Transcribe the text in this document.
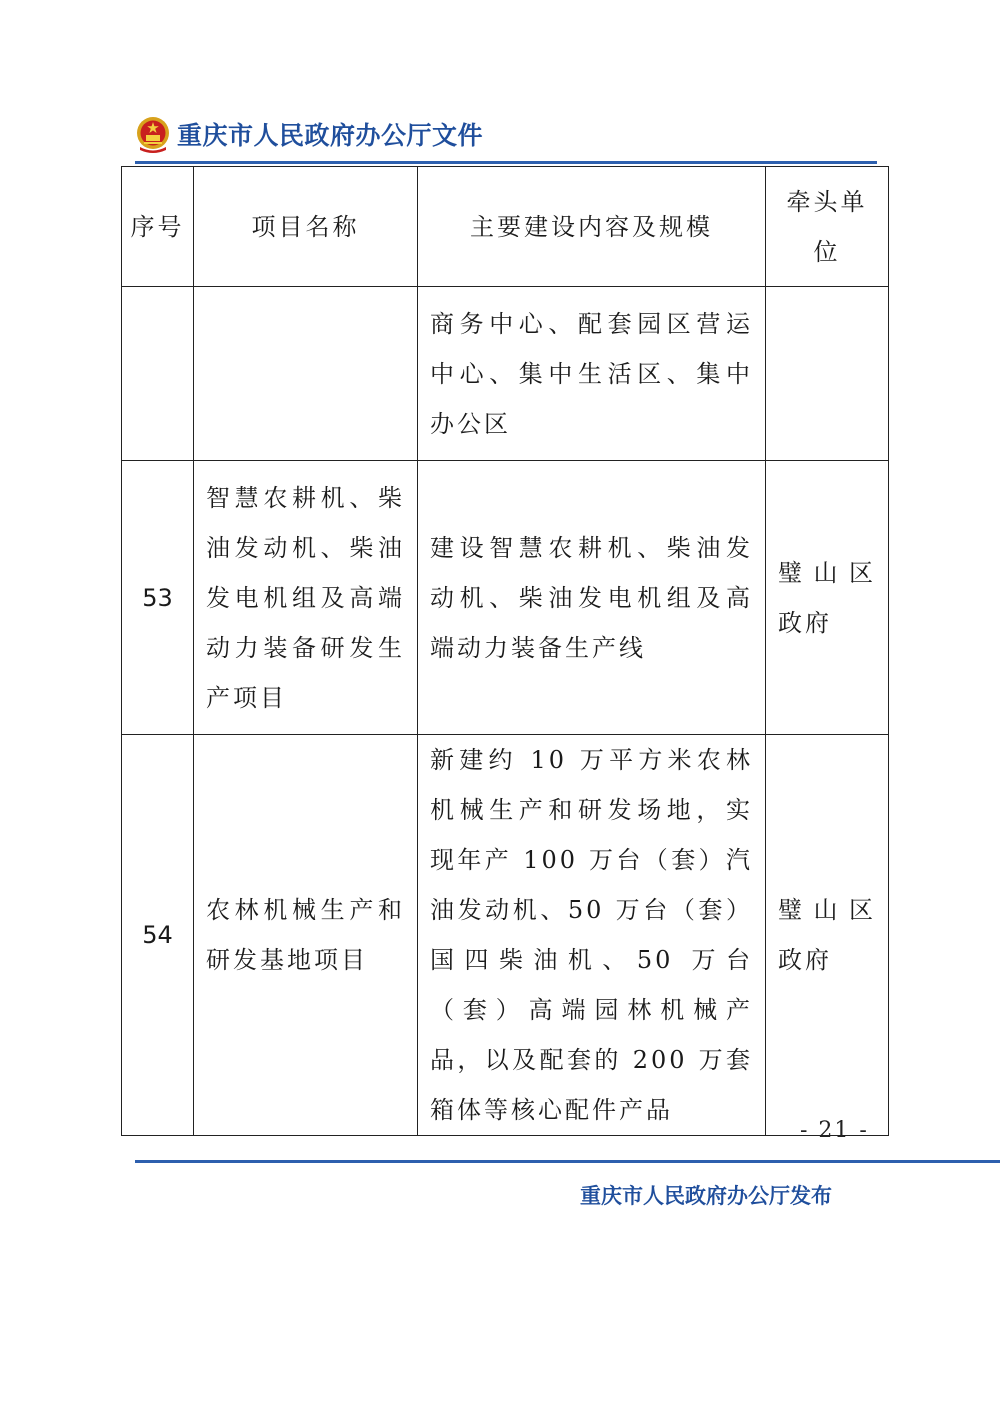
重庆市人民政府办公厅文件
序号	项目名称	主要建设内容及规模	牵头单位
		商务中心、配套园区营运中心、集中生活区、集中办公区	
53	智慧农耕机、柴油发动机、柴油发电机组及高端动力装备研发生产项目	建设智慧农耕机、柴油发动机、柴油发电机组及高端动力装备生产线	璧山区政府
54	农林机械生产和研发基地项目	新建约 10 万平方米农林机械生产和研发场地，实现年产 100 万台（套）汽油发动机、50 万台（套）国四柴油机、50 万台（套）高端园林机械产品，以及配套的 200 万套箱体等核心配件产品	璧山区政府
- 21 -
重庆市人民政府办公厅发布
